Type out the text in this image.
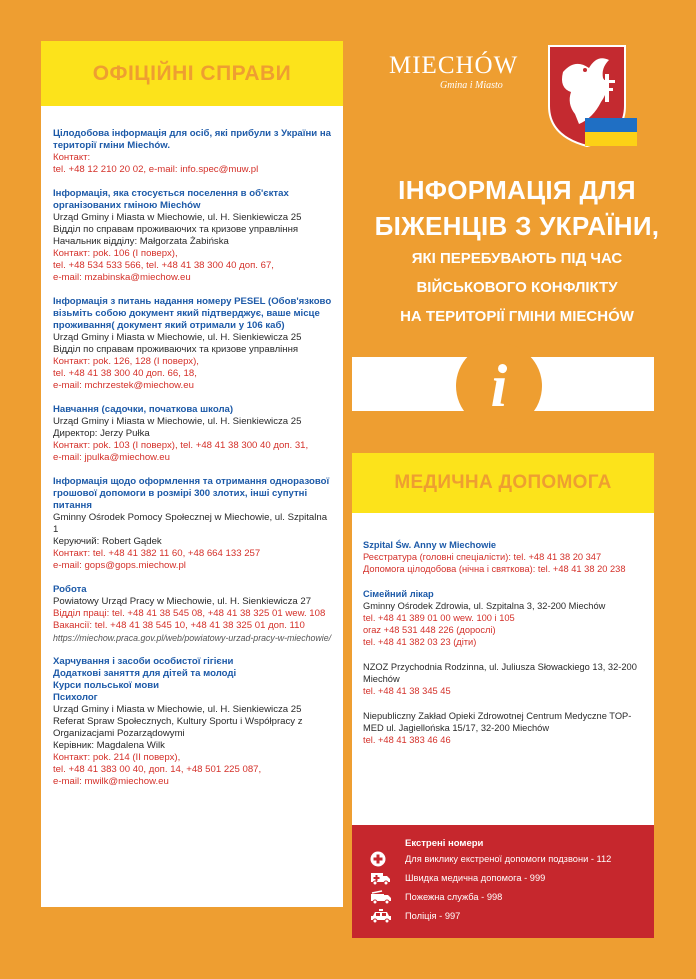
ОФІЦІЙНІ СПРАВИ
Цілодобова інформація для осіб, які прибули з України на території гміни Miechów.
Контакт:
tel. +48 12 210 20 02, e-mail: info.spec@muw.pl
Інформація, яка стосується поселення в об'єктах організованих гміною Miechów
Urząd Gminy i Miasta w Miechowie, ul. H. Sienkiewicza 25
Відділ по справам проживаючих та кризове управління
Начальник відділу: Małgorzata Żabińska
Контакт: pok. 106 (I поверх),
tel. +48 534 533 566, tel. +48 41 38 300 40 доп. 67,
e-mail: mzabinska@miechow.eu
Інформація з питань надання номеру PESEL (Обов'язково візьміть собою документ який підтверджує, ваше місце проживання( документ який отримали у 106 каб)
Urząd Gminy i Miasta w Miechowie, ul. H. Sienkiewicza 25
Відділ по справам проживаючих та кризове управління
Контакт: pok. 126, 128 (I поверх),
tel. +48 41 38 300 40 доп. 66, 18,
e-mail: mchrzestek@miechow.eu
Навчання (садочки, початкова школа)
Urząd Gminy i Miasta w Miechowie, ul. H. Sienkiewicza 25
Директор: Jerzy Pułka
Контакт: pok. 103 (I поверх), tel. +48 41 38 300 40 доп. 31,
e-mail: jpulka@miechow.eu
Інформація щодо оформлення та отримання одноразової грошової допомоги в розмірі 300 злотих, інші супутні питання
Gminny Ośrodek Pomocy Społecznej w Miechowie, ul. Szpitalna 1
Керуючий: Robert Gądek
Контакт: tel. +48 41 382 11 60, +48 664 133 257
e-mail: gops@gops.miechow.pl
Робота
Powiatowy Urząd Pracy w Miechowie, ul. H. Sienkiewicza 27
Відділ праці: tel. +48 41 38 545 08, +48 41 38 325 01 wew. 108
Вакансії: tel. +48 41 38 545 10, +48 41 38 325 01 доп. 110
https://miechow.praca.gov.pl/web/powiatowy-urzad-pracy-w-miechowie/
Харчування і засоби особистої гігієни
Додаткові заняття для дітей та молоді
Курси польської мови
Психолог
Urząd Gminy i Miasta w Miechowie, ul. H. Sienkiewicza 25
Referat Spraw Społecznych, Kultury Sportu i Współpracy z Organizacjami Pozarządowymi
Керівник: Magdalena Wilk
Контакт: pok. 214 (II поверх),
tel. +48 41 383 00 40, доп. 14, +48 501 225 087,
e-mail: mwilk@miechow.eu
MIECHÓW
Gmina i Miasto
ІНФОРМАЦІЯ ДЛЯ
БІЖЕНЦІВ З УКРАЇНИ,
ЯКІ ПЕРЕБУВАЮТЬ ПІД ЧАС
ВІЙСЬКОВОГО КОНФЛІКТУ
НА ТЕРИТОРІЇ ГМІНИ MIECHÓW
i
МЕДИЧНА ДОПОМОГА
Szpital Św. Anny w Miechowie
Реєстратура (головні спеціалісти): tel. +48 41 38 20 347
Допомога цілодобова (нічна і святкова): tel. +48 41 38 20 238
Сімейний лікар
Gminny Ośrodek Zdrowia, ul. Szpitalna 3, 32-200 Miechów
tel. +48 41 389 01 00 wew. 100 i 105
oraz +48 531 448 226 (дорослі)
tel. +48 41 382 03 23 (діти)
NZOZ Przychodnia Rodzinna, ul. Juliusza Słowackiego 13, 32-200 Miechów
tel. +48 41 38 345 45
Niepubliczny Zakład Opieki Zdrowotnej Centrum Medyczne TOP-MED ul. Jagiellońska 15/17, 32-200 Miechów
tel. +48 41 383 46 46
Екстрені номери
Для виклику екстреної допомоги подзвони - 112
Швидка медична допомога - 999
Пожежна служба - 998
Поліція - 997
